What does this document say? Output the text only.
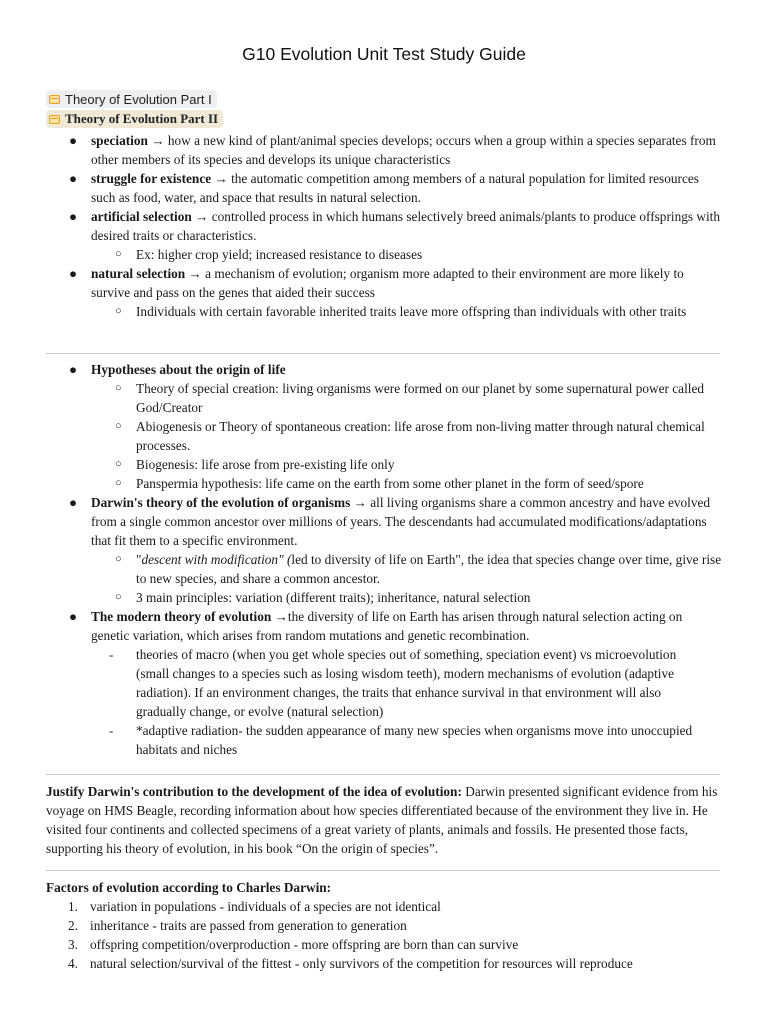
G10 Evolution Unit Test Study Guide
Theory of Evolution Part I
Theory of Evolution Part II
● speciation → how a new kind of plant/animal species develops; occurs when a group within a species separates from other members of its species and develops its unique characteristics
● struggle for existence → the automatic competition among members of a natural population for limited resources such as food, water, and space that results in natural selection.
● artificial selection → controlled process in which humans selectively breed animals/plants to produce offsprings with desired traits or characteristics.
○ Ex: higher crop yield; increased resistance to diseases
● natural selection → a mechanism of evolution; organism more adapted to their environment are more likely to survive and pass on the genes that aided their success
○ Individuals with certain favorable inherited traits leave more offspring than individuals with other traits
● Hypotheses about the origin of life
○ Theory of special creation: living organisms were formed on our planet by some supernatural power called God/Creator
○ Abiogenesis or Theory of spontaneous creation: life arose from non-living matter through natural chemical processes.
○ Biogenesis: life arose from pre-existing life only
○ Panspermia hypothesis: life came on the earth from some other planet in the form of seed/spore
● Darwin's theory of the evolution of organisms → all living organisms share a common ancestry and have evolved from a single common ancestor over millions of years. The descendants had accumulated modifications/adaptations that fit them to a specific environment.
○ "descent with modification" (led to diversity of life on Earth", the idea that species change over time, give rise to new species, and share a common ancestor.
○ 3 main principles: variation (different traits); inheritance, natural selection
● The modern theory of evolution →the diversity of life on Earth has arisen through natural selection acting on genetic variation, which arises from random mutations and genetic recombination.
- theories of macro (when you get whole species out of something, speciation event) vs microevolution (small changes to a species such as losing wisdom teeth), modern mechanisms of evolution (adaptive radiation). If an environment changes, the traits that enhance survival in that environment will also gradually change, or evolve (natural selection)
- *adaptive radiation- the sudden appearance of many new species when organisms move into unoccupied habitats and niches
Justify Darwin's contribution to the development of the idea of evolution: Darwin presented significant evidence from his voyage on HMS Beagle, recording information about how species differentiated because of the environment they live in. He visited four continents and collected specimens of a great variety of plants, animals and fossils. He presented those facts, supporting his theory of evolution, in his book “On the origin of species”.
Factors of evolution according to Charles Darwin:
1. variation in populations - individuals of a species are not identical
2. inheritance - traits are passed from generation to generation
3. offspring competition/overproduction - more offspring are born than can survive
4. natural selection/survival of the fittest - only survivors of the competition for resources will reproduce
